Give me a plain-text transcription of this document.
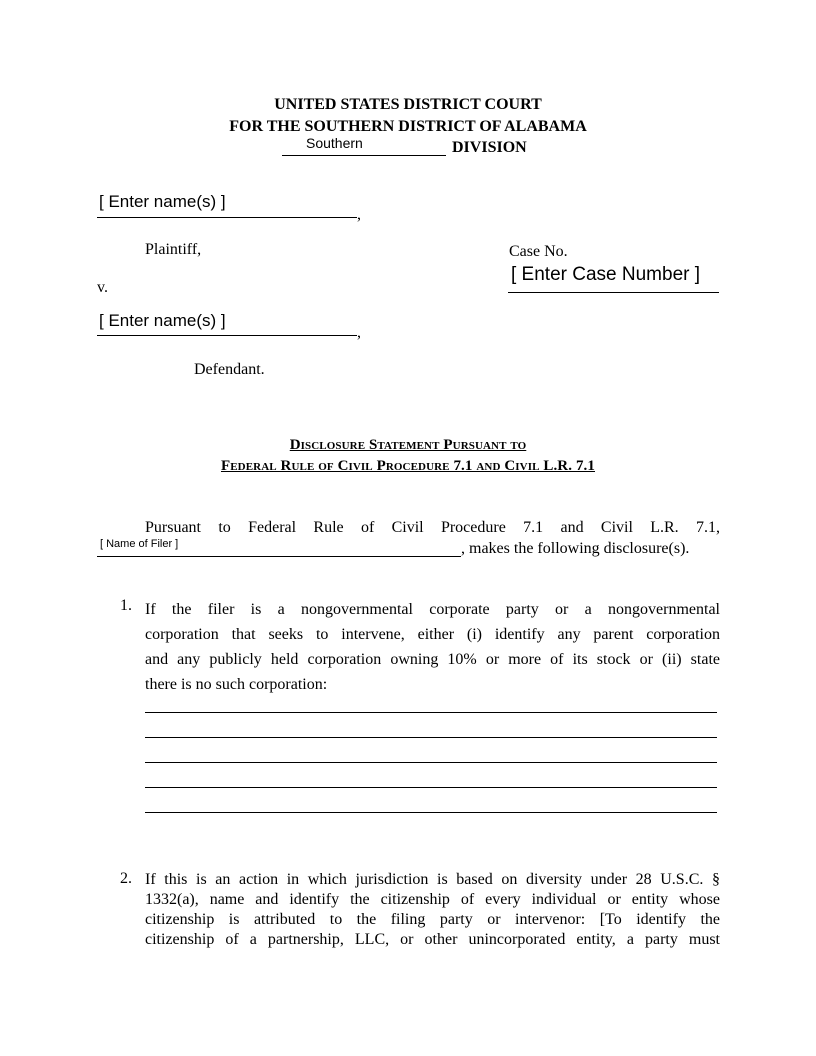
UNITED STATES DISTRICT COURT
FOR THE SOUTHERN DISTRICT OF ALABAMA
Southern	DIVISION
[ Enter name(s) ]
,
Plaintiff,	Case No.
[ Enter Case Number ]
v.
[ Enter name(s) ]
,
Defendant.
Disclosure Statement Pursuant to
Federal Rule of Civil Procedure 7.1 and Civil L.R. 7.1
Pursuant to Federal Rule of Civil Procedure 7.1 and Civil L.R. 7.1,
[ Name of Filer ]	, makes the following disclosure(s).
1. If the filer is a nongovernmental corporate party or a nongovernmental
corporation that seeks to intervene, either (i) identify any parent corporation
and any publicly held corporation owning 10% or more of its stock or (ii) state
there is no such corporation:
2. If this is an action in which jurisdiction is based on diversity under 28 U.S.C. §
1332(a), name and identify the citizenship of every individual or entity whose
citizenship is attributed to the filing party or intervenor: [To identify the
citizenship of a partnership, LLC, or other unincorporated entity, a party must
